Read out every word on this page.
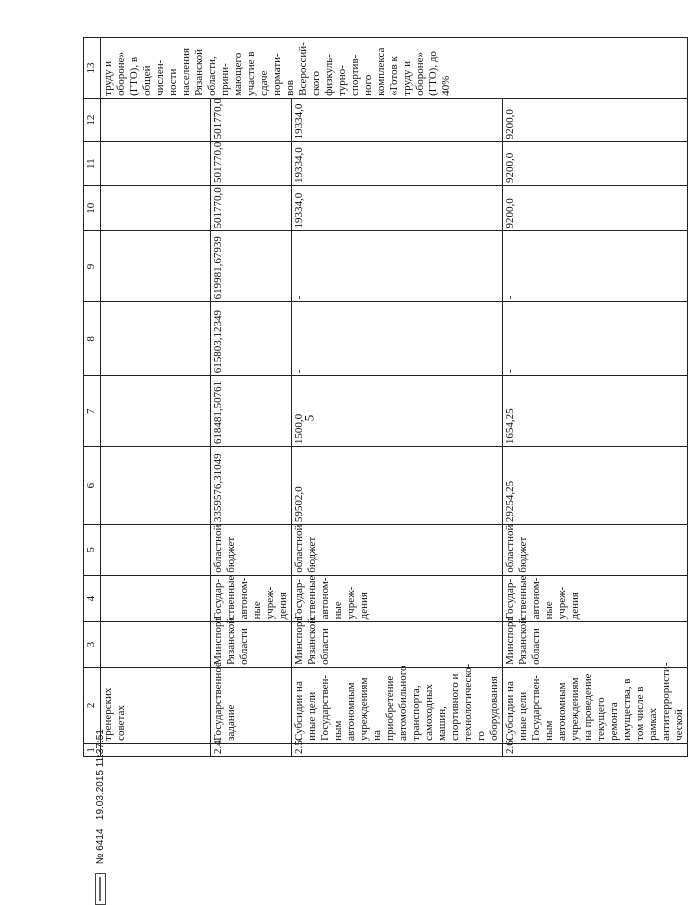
5
1	2	3	4	5	6	7	8	9	10	11	12	13
	тренерских советах											труду и обороне» (ГТО), в общей числен- ности населения Рязанской области, прини- мающего участие в сдаче нормати- вов Всероссий- ского физкуль- турно- спортив- ного комплекса «Готов к труду и обороне» (ГТО), до 40%
2.4.	Государственное задание	Минспорт Рязанской области	Государ- ственные автоном- ные учреж- дения	областной бюджет	3359576,31049	618481,50761	615803,12349	619981,67939	501770,0	501770,0	501770,0	
2.5.	Субсидии на иные цели Государствен- ным автономным учреждениям на приобретение автомобильного транспорта, самоходных машин, спортивного и технологическо- го оборудования	Минспорт Рязанской области	Государ- ственные автоном- ные учреж- дения	областной бюджет	59502,0	1500,0	-	-	19334,0	19334,0	19334,0	
2.6.	Субсидии на иные цели Государствен- ным автономным учреждениям на проведение текущего ремонта имущества, в том числе в рамках антитеррористи- ческой	Минспорт Рязанской области	Государ- ственные автоном- ные учреж- дения	областной бюджет	29254,25	1654,25	-	-	9200,0	9200,0	9200,0	
№ 6414   19.03.2015 11:37:51
